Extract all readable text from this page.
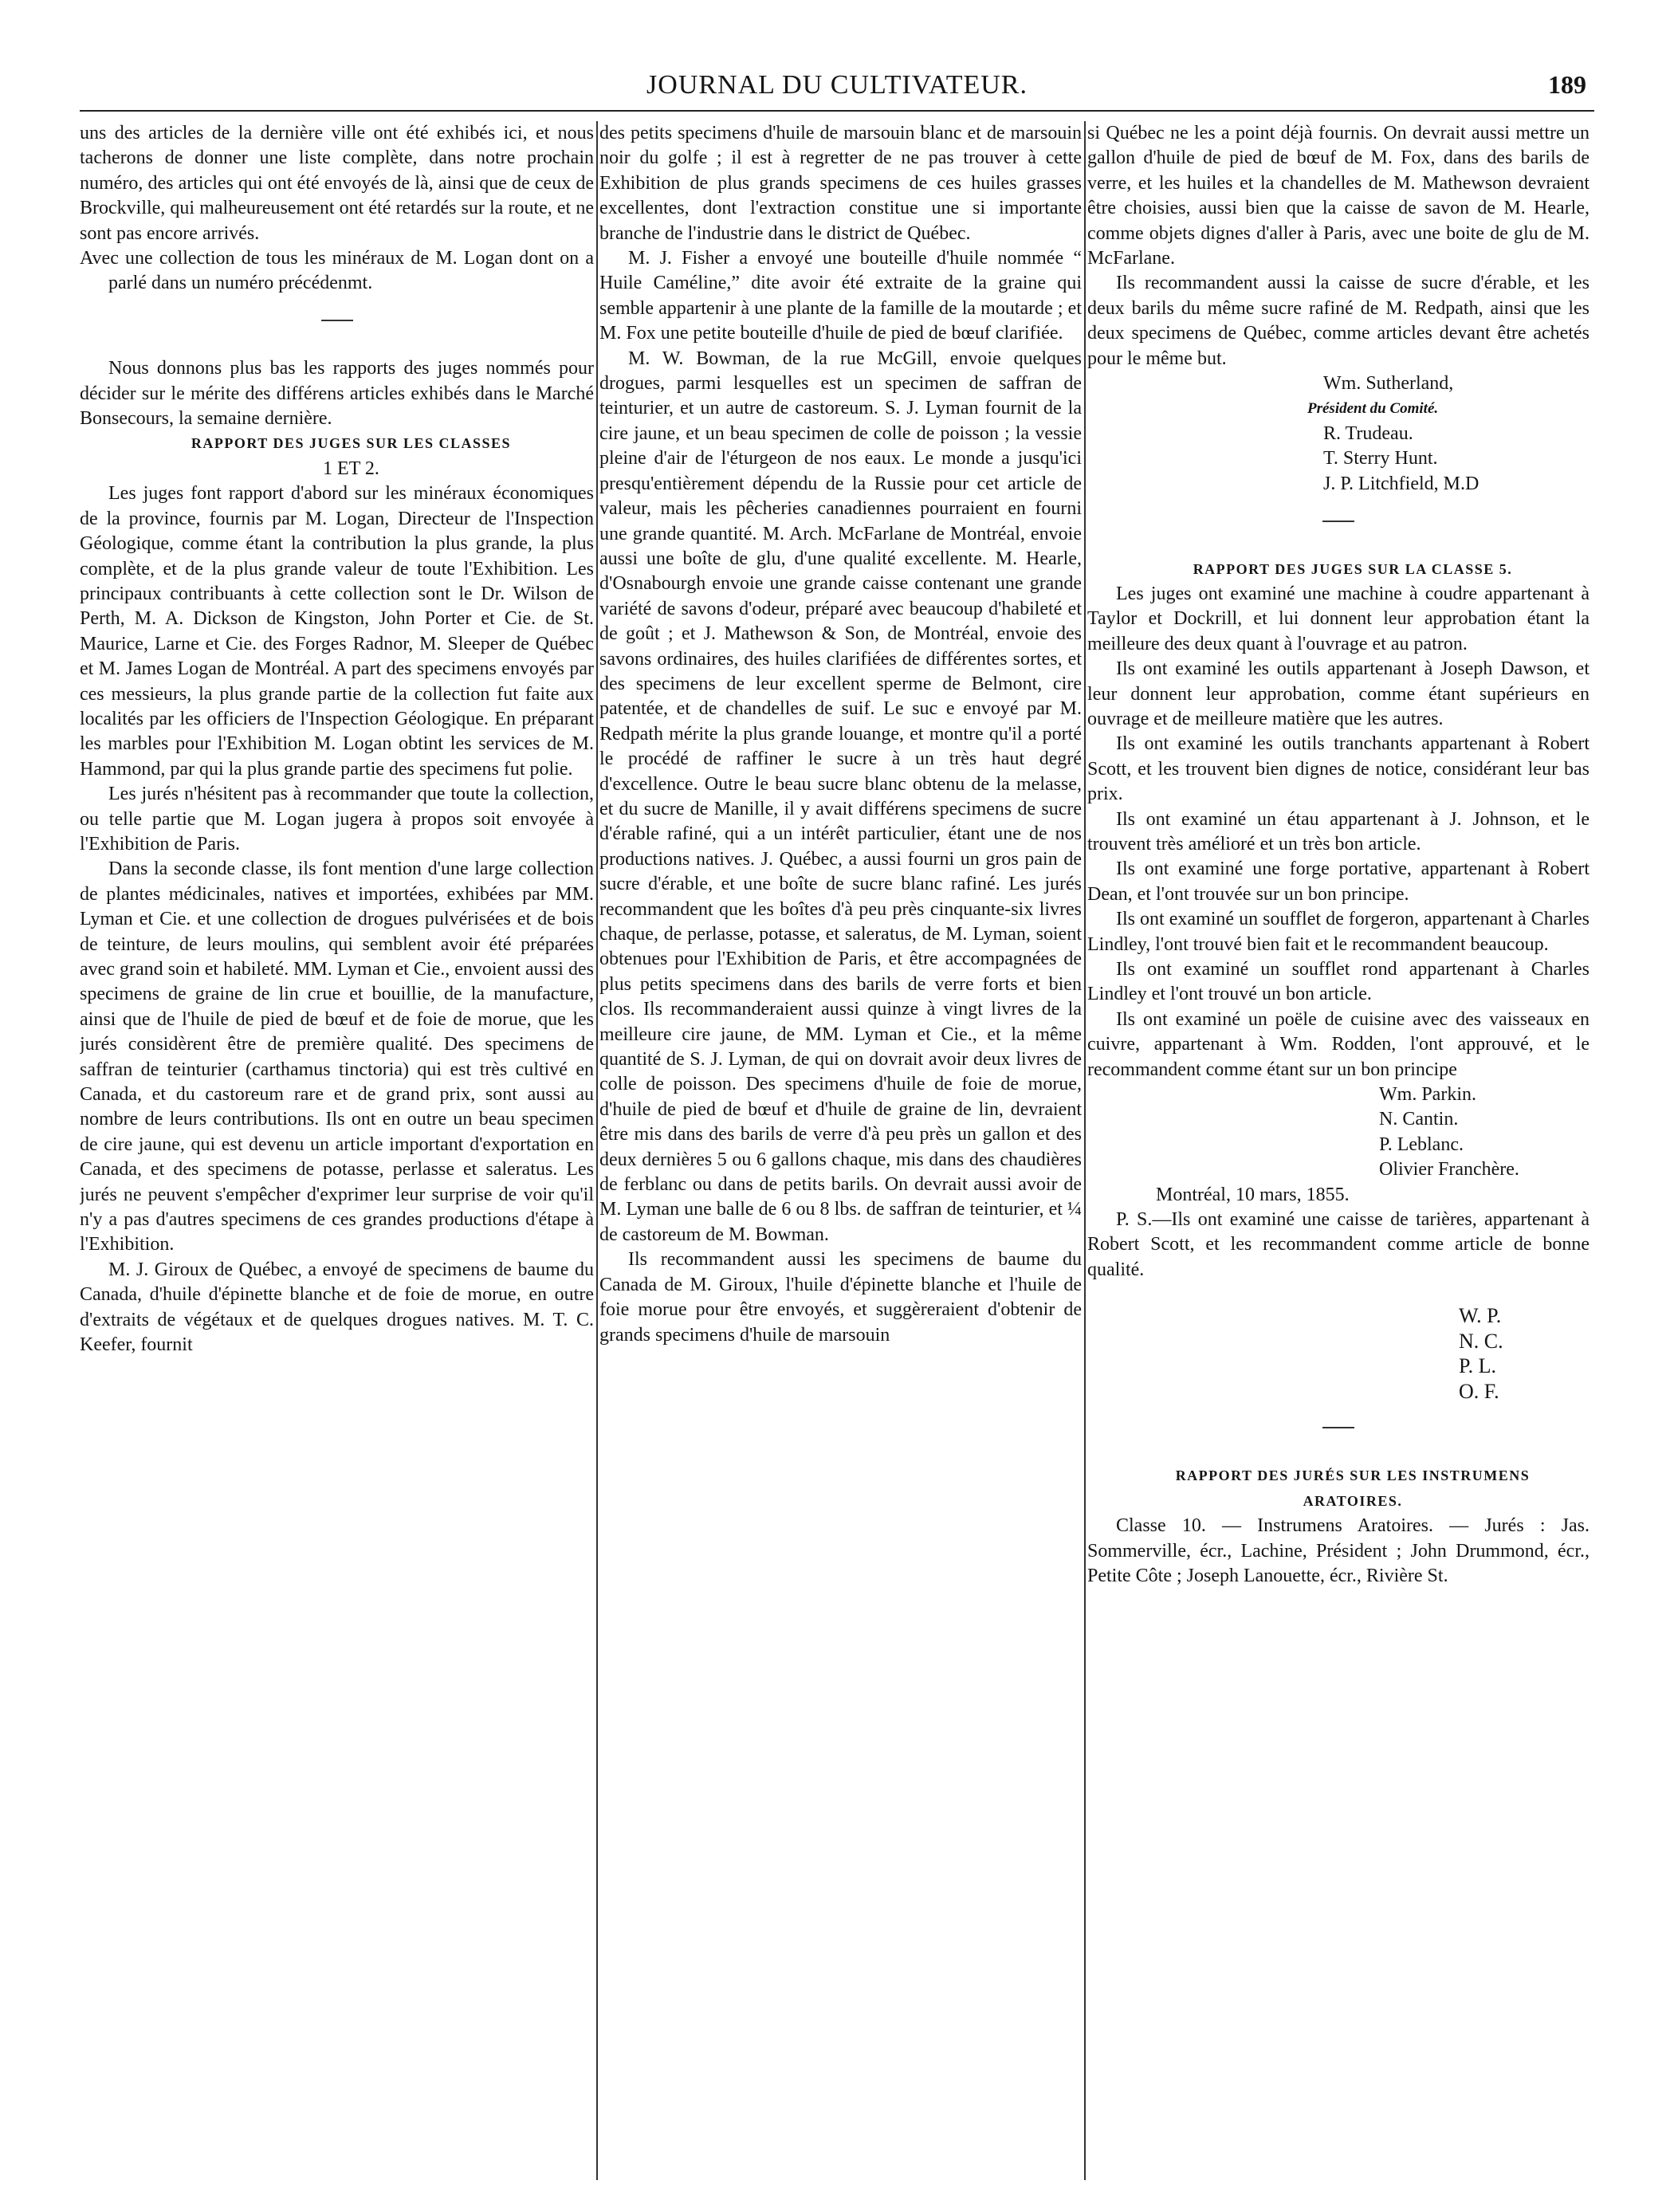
JOURNAL DU CULTIVATEUR.	189

uns des articles de la dernière ville ont été exhibés ici, et nous tacherons de donner une liste complète, dans notre prochain numéro, des articles qui ont été envoyés de là, ainsi que de ceux de Brockville, qui malheureusement ont été retardés sur la route, et ne sont pas encore arrivés.

Avec une collection de tous les minéraux de M. Logan dont on a parlé dans un numéro précédenmt.

Nous donnons plus bas les rapports des juges nommés pour décider sur le mérite des différens articles exhibés dans le Marché Bonsecours, la semaine dernière.

RAPPORT DES JUGES SUR LES CLASSES

1 ET 2.

Les juges font rapport d'abord sur les minéraux économiques de la province, fournis par M. Logan, Directeur de l'Inspection Géologique, comme étant la contribution la plus grande, la plus complète, et de la plus grande valeur de toute l'Exhibition. Les principaux contribuants à cette collection sont le Dr. Wilson de Perth, M. A. Dickson de Kingston, John Porter et Cie. de St. Maurice, Larne et Cie. des Forges Radnor, M. Sleeper de Québec et M. James Logan de Montréal. A part des specimens envoyés par ces messieurs, la plus grande partie de la collection fut faite aux localités par les officiers de l'Inspection Géologique. En préparant les marbles pour l'Exhibition M. Logan obtint les services de M. Hammond, par qui la plus grande partie des specimens fut polie.

Les jurés n'hésitent pas à recommander que toute la collection, ou telle partie que M. Logan jugera à propos soit envoyée à l'Exhibition de Paris.

Dans la seconde classe, ils font mention d'une large collection de plantes médicinales, natives et importées, exhibées par MM. Lyman et Cie. et une collection de drogues pulvérisées et de bois de teinture, de leurs moulins, qui semblent avoir été préparées avec grand soin et habileté. MM. Lyman et Cie., envoient aussi des specimens de graine de lin crue et bouillie, de la manufacture, ainsi que de l'huile de pied de bœuf et de foie de morue, que les jurés considèrent être de première qualité. Des specimens de saffran de teinturier (carthamus tinctoria) qui est très cultivé en Canada, et du castoreum rare et de grand prix, sont aussi au nombre de leurs contributions. Ils ont en outre un beau specimen de cire jaune, qui est devenu un article important d'exportation en Canada, et des specimens de potasse, perlasse et saleratus. Les jurés ne peuvent s'empêcher d'exprimer leur surprise de voir qu'il n'y a pas d'autres specimens de ces grandes productions d'étape à l'Exhibition.

M. J. Giroux de Québec, a envoyé de specimens de baume du Canada, d'huile d'épinette blanche et de foie de morue, en outre d'extraits de végétaux et de quelques drogues natives. M. T. C. Keefer, fournit

des petits specimens d'huile de marsouin blanc et de marsouin noir du golfe ; il est à regretter de ne pas trouver à cette Exhibition de plus grands specimens de ces huiles grasses excellentes, dont l'extraction constitue une si importante branche de l'industrie dans le district de Québec.

M. J. Fisher a envoyé une bouteille d'huile nommée “ Huile Caméline,” dite avoir été extraite de la graine qui semble appartenir à une plante de la famille de la moutarde ; et M. Fox une petite bouteille d'huile de pied de bœuf clarifiée.

M. W. Bowman, de la rue McGill, envoie quelques drogues, parmi lesquelles est un specimen de saffran de teinturier, et un autre de castoreum. S. J. Lyman fournit de la cire jaune, et un beau specimen de colle de poisson ; la vessie pleine d'air de l'éturgeon de nos eaux. Le monde a jusqu'ici presqu'entièrement dépendu de la Russie pour cet article de valeur, mais les pêcheries canadiennes pourraient en fourni une grande quantité. M. Arch. McFarlane de Montréal, envoie aussi une boîte de glu, d'une qualité excellente. M. Hearle, d'Osnabourgh envoie une grande caisse contenant une grande variété de savons d'odeur, préparé avec beaucoup d'habileté et de goût ; et J. Mathewson & Son, de Montréal, envoie des savons ordinaires, des huiles clarifiées de différentes sortes, et des specimens de leur excellent sperme de Belmont, cire patentée, et de chandelles de suif. Le suc e envoyé par M. Redpath mérite la plus grande louange, et montre qu'il a porté le procédé de raffiner le sucre à un très haut degré d'excellence. Outre le beau sucre blanc obtenu de la melasse, et du sucre de Manille, il y avait différens specimens de sucre d'érable rafiné, qui a un intérêt particulier, étant une de nos productions natives. J. Québec, a aussi fourni un gros pain de sucre d'érable, et une boîte de sucre blanc rafiné. Les jurés recommandent que les boîtes d'à peu près cinquante-six livres chaque, de perlasse, potasse, et saleratus, de M. Lyman, soient obtenues pour l'Exhibition de Paris, et être accompagnées de plus petits specimens dans des barils de verre forts et bien clos. Ils recommanderaient aussi quinze à vingt livres de la meilleure cire jaune, de MM. Lyman et Cie., et la même quantité de S. J. Lyman, de qui on dovrait avoir deux livres de colle de poisson. Des specimens d'huile de foie de morue, d'huile de pied de bœuf et d'huile de graine de lin, devraient être mis dans des barils de verre d'à peu près un gallon et des deux dernières 5 ou 6 gallons chaque, mis dans des chaudières de ferblanc ou dans de petits barils. On devrait aussi avoir de M. Lyman une balle de 6 ou 8 lbs. de saffran de teinturier, et ¼ de castoreum de M. Bowman.

Ils recommandent aussi les specimens de baume du Canada de M. Giroux, l'huile d'épinette blanche et l'huile de foie morue pour être envoyés, et suggèreraient d'obtenir de grands specimens d'huile de marsouin

si Québec ne les a point déjà fournis. On devrait aussi mettre un gallon d'huile de pied de bœuf de M. Fox, dans des barils de verre, et les huiles et la chandelles de M. Mathewson devraient être choisies, aussi bien que la caisse de savon de M. Hearle, comme objets dignes d'aller à Paris, avec une boite de glu de M. McFarlane.

Ils recommandent aussi la caisse de sucre d'érable, et les deux barils du même sucre rafiné de M. Redpath, ainsi que les deux specimens de Québec, comme articles devant être achetés pour le même but.

Wm. Sutherland,

Président du Comité.

R. Trudeau.

T. Sterry Hunt.

J. P. Litchfield, M.D

RAPPORT DES JUGES SUR LA CLASSE 5.

Les juges ont examiné une machine à coudre appartenant à Taylor et Dockrill, et lui donnent leur approbation étant la meilleure des deux quant à l'ouvrage et au patron.

Ils ont examiné les outils appartenant à Joseph Dawson, et leur donnent leur approbation, comme étant supérieurs en ouvrage et de meilleure matière que les autres.

Ils ont examiné les outils tranchants appartenant à Robert Scott, et les trouvent bien dignes de notice, considérant leur bas prix.

Ils ont examiné un étau appartenant à J. Johnson, et le trouvent très amélioré et un très bon article.

Ils ont examiné une forge portative, appartenant à Robert Dean, et l'ont trouvée sur un bon principe.

Ils ont examiné un soufflet de forgeron, appartenant à Charles Lindley, l'ont trouvé bien fait et le recommandent beaucoup.

Ils ont examiné un soufflet rond appartenant à Charles Lindley et l'ont trouvé un bon article.

Ils ont examiné un poële de cuisine avec des vaisseaux en cuivre, appartenant à Wm. Rodden, l'ont approuvé, et le recommandent comme étant sur un bon principe

Wm. Parkin.

N. Cantin.

P. Leblanc.

Olivier Franchère.

Montréal, 10 mars, 1855.

P. S.—Ils ont examiné une caisse de tarières, appartenant à Robert Scott, et les recommandent comme article de bonne qualité.

W. P.

N. C.

P. L.

O. F.

RAPPORT DES JURÉS SUR LES INSTRUMENS

ARATOIRES.

Classe 10. — Instrumens Aratoires. — Jurés : Jas. Sommerville, écr., Lachine, Président ; John Drummond, écr., Petite Côte ; Joseph Lanouette, écr., Rivière St.
